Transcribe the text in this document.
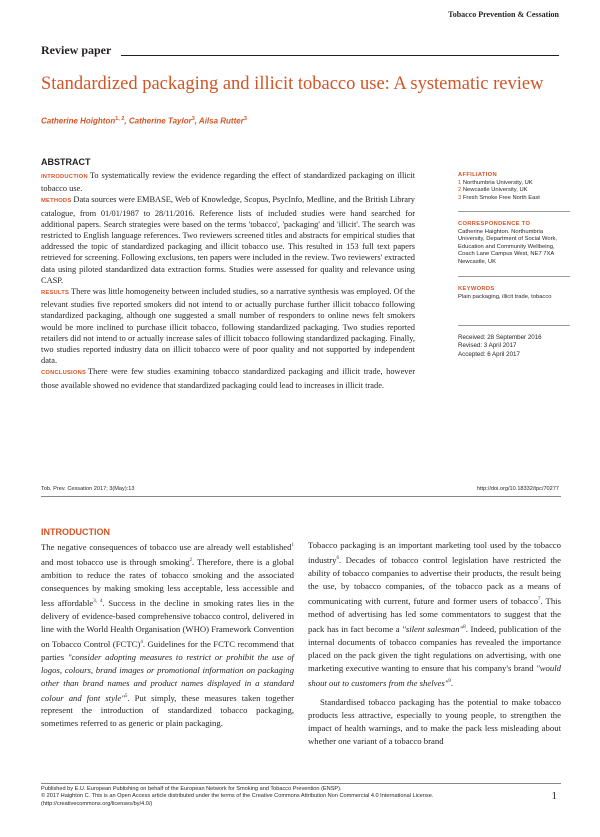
Tobacco Prevention & Cessation
Review paper
Standardized packaging and illicit tobacco use: A systematic review
Catherine Hoighton$^{1, 2}$, Catherine Taylor$^3$, Ailsa Rutter$^3$
ABSTRACT

INTRODUCTION To systematically review the evidence regarding the effect of standardized packaging on illicit tobacco use.

METHODS Data sources were EMBASE, Web of Knowledge, Scopus, PsycInfo, Medline, and the British Library catalogue, from 01/01/1987 to 28/11/2016. Reference lists of included studies were hand searched for additional papers. Search strategies were based on the terms 'tobacco', 'packaging' and 'illicit'. The search was restricted to English language references. Two reviewers screened titles and abstracts for empirical studies that addressed the topic of standardized packaging and illicit tobacco use. This resulted in 153 full text papers retrieved for screening. Following exclusions, ten papers were included in the review. Two reviewers' extracted data using piloted standardized data extraction forms. Studies were assessed for quality and relevance using CASP.

RESULTS There was little homogeneity between included studies, so a narrative synthesis was employed. Of the relevant studies five reported smokers did not intend to or actually purchase further illicit tobacco following standardized packaging, although one suggested a small number of responders to online news felt smokers would be more inclined to purchase illicit tobacco, following standardized packaging. Two studies reported retailers did not intend to or actually increase sales of illicit tobacco following standardized packaging. Finally, two studies reported industry data on illicit tobacco were of poor quality and not supported by independent data.

CONCLUSIONS There were few studies examining tobacco standardized packaging and illicit trade, however those available showed no evidence that standardized packaging could lead to increases in illicit trade.

AFFILIATION
1 Northumbria University, UK
2 Newcastle University, UK
3 Fresh Smoke Free North East
CORRESPONDENCE TO
Catherine Haighton. Northumbria University, Department of Social Work, Education and Community Wellbeing, Coach Lane Campus West, NE7 7XA Newcastle, UK
KEYWORDS
Plain packaging, illicit trade, tobacco
Received: 28 September 2016
Revised: 3 April 2017
Accepted: 6 April 2017
Tob. Prev. Cessation 2017; 3(May):13	http://doi.org/10.18332/tpc/70277
INTRODUCTION

The negative consequences of tobacco use are already well established$^1$ and most tobacco use is through smoking$^2$. Therefore, there is a global ambition to reduce the rates of tobacco smoking and the associated consequences by making smoking less acceptable, less accessible and less affordable$^{3, 4}$. Success in the decline in smoking rates lies in the delivery of evidence-based comprehensive tobacco control, delivered in line with the World Health Organisation (WHO) Framework Convention on Tobacco Control (FCTC)$^4$. Guidelines for the FCTC recommend that parties "consider adopting measures to restrict or prohibit the use of logos, colours, brand images or promotional information on packaging other than brand names and product names displayed in a standard colour and font style"$^5$. Put simply, these measures taken together represent the introduction of standardized tobacco packaging, sometimes referred to as generic or plain packaging.

Tobacco packaging is an important marketing tool used by the tobacco industry$^6$. Decades of tobacco control legislation have restricted the ability of tobacco companies to advertise their products, the result being the use, by tobacco companies, of the tobacco pack as a means of communicating with current, future and former users of tobacco$^7$. This method of advertising has led some commentators to suggest that the pack has in fact become a "silent salesman"$^8$. Indeed, publication of the internal documents of tobacco companies has revealed the importance placed on the pack given the tight regulations on advertising, with one marketing executive wanting to ensure that his company's brand "would shout out to customers from the shelves"$^9$.

Standardised tobacco packaging has the potential to make tobacco products less attractive, especially to young people, to strengthen the impact of health warnings, and to make the pack less misleading about whether one variant of a tobacco brand

Published by E.U. European Publishing on behalf of the European Network for Smoking and Tobacco Prevention (ENSP).
© 2017 Haighton C. This is an Open Access article distributed under the terms of the Creative Commons Attribution Non Commercial 4.0 International License.
(http://creativecommons.org/licenses/by/4.0/)
1
